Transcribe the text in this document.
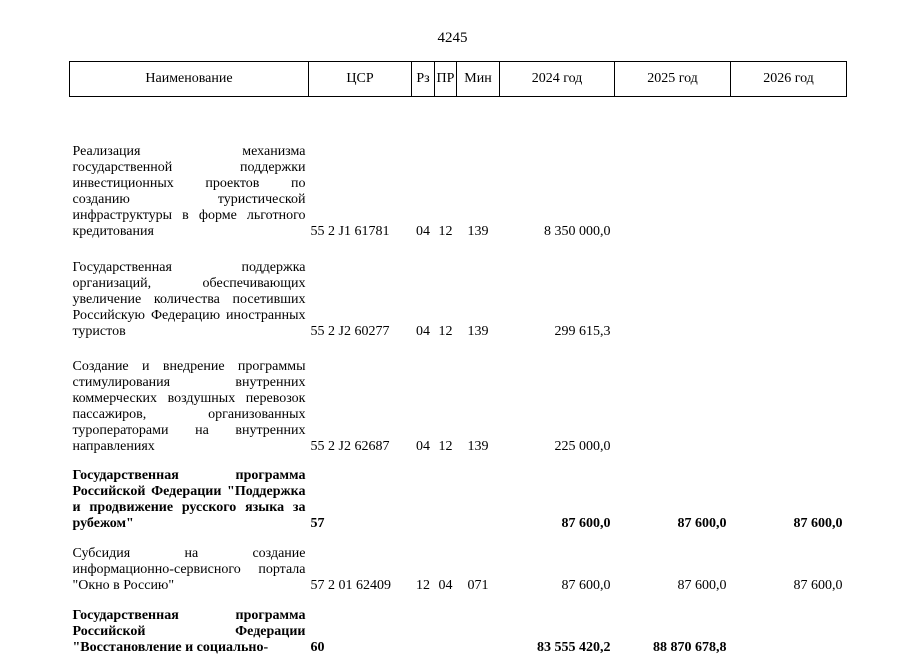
4245
Наименование	ЦСР	Рз	ПР	Мин	2024 год	2025 год	2026 год
Реализация механизма государственной поддержки инвестиционных проектов по созданию туристической инфраструктуры в форме льготного кредитования	55 2 J1 61781	04	12	139	8 350 000,0		
Государственная поддержка организаций, обеспечивающих увеличение количества посетивших Российскую Федерацию иностранных туристов	55 2 J2 60277	04	12	139	299 615,3		
Создание и внедрение программы стимулирования внутренних коммерческих воздушных перевозок пассажиров, организованных туроператорами на внутренних направлениях	55 2 J2 62687	04	12	139	225 000,0		
Государственная программа Российской Федерации "Поддержка и продвижение русского языка за рубежом"	57				87 600,0	87 600,0	87 600,0
Субсидия на создание информационно-сервисного портала "Окно в Россию"	57 2 01 62409	12	04	071	87 600,0	87 600,0	87 600,0
Государственная программа Российской Федерации "Восстановление и социально-	60				83 555 420,2	88 870 678,8	
